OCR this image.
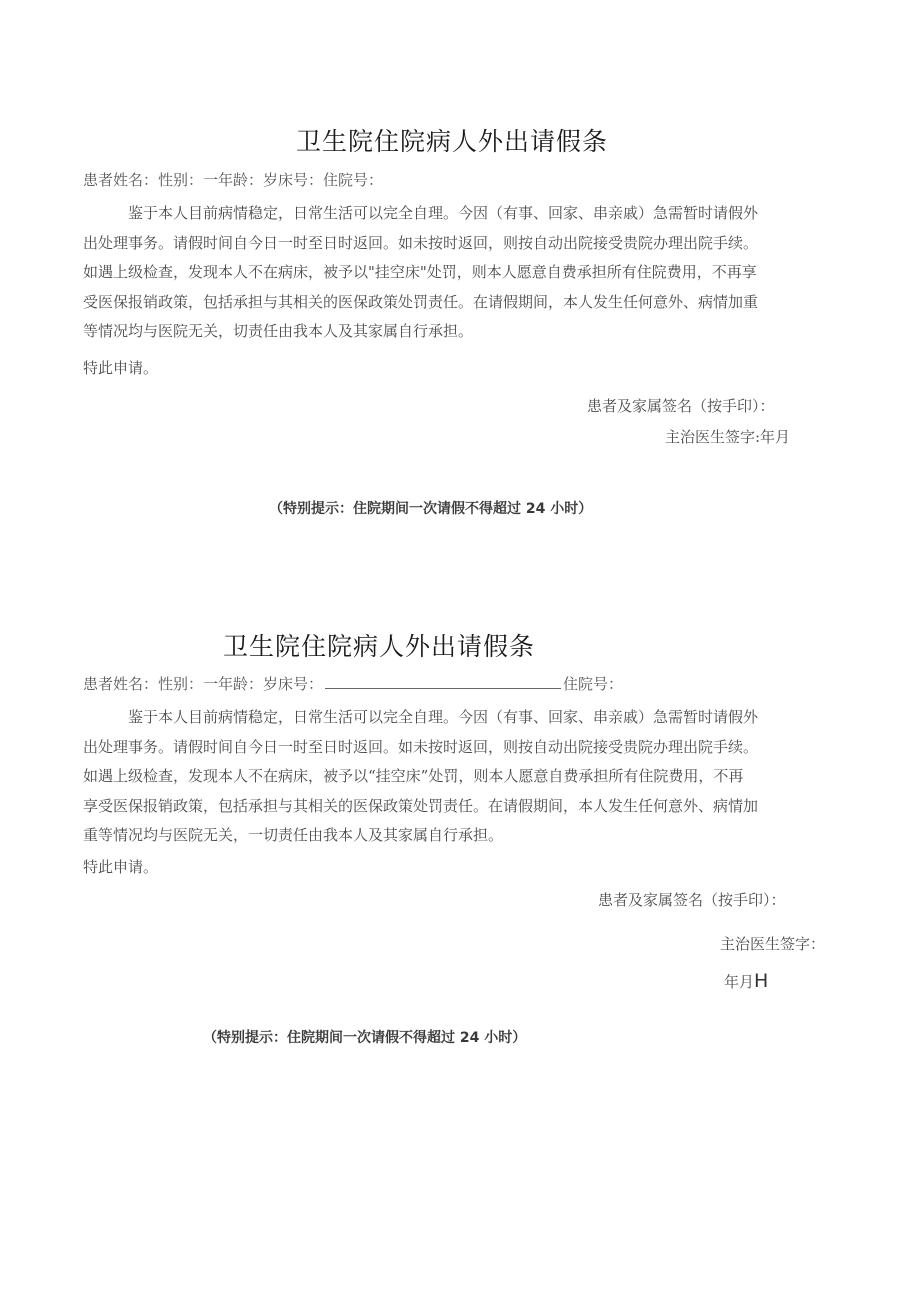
卫生院住院病人外出请假条
患者姓名：性别：一年龄：岁床号：住院号：
鉴于本人目前病情稳定，日常生活可以完全自理。今因（有事、回家、串亲戚）急需暂时请假外
出处理事务。请假时间自今日一时至日时返回。如未按时返回，则按自动出院接受贵院办理出院手续。
如遇上级检查，发现本人不在病床，被予以"挂空床"处罚，则本人愿意自费承担所有住院费用，不再享
受医保报销政策，包括承担与其相关的医保政策处罚责任。在请假期间，本人发生任何意外、病情加重
等情况均与医院无关，切责任由我本人及其家属自行承担。
特此申请。
患者及家属签名（按手印）：
主治医生签字:年月
（特别提示：住院期间一次请假不得超过 24 小时）
卫生院住院病人外出请假条
患者姓名：性别：一年龄：岁床号：	住院号：
鉴于本人目前病情稳定，日常生活可以完全自理。今因（有事、回家、串亲戚）急需暂时请假外
出处理事务。请假时间自今日一时至日时返回。如未按时返回，则按自动出院接受贵院办理出院手续。
如遇上级检查，发现本人不在病床，被予以“挂空床”处罚，则本人愿意自费承担所有住院费用，不再
享受医保报销政策，包括承担与其相关的医保政策处罚责任。在请假期间，本人发生任何意外、病情加
重等情况均与医院无关，一切责任由我本人及其家属自行承担。
特此申请。
患者及家属签名（按手印）：
主治医生签字：
年月H
（特别提示：住院期间一次请假不得超过 24 小时）
